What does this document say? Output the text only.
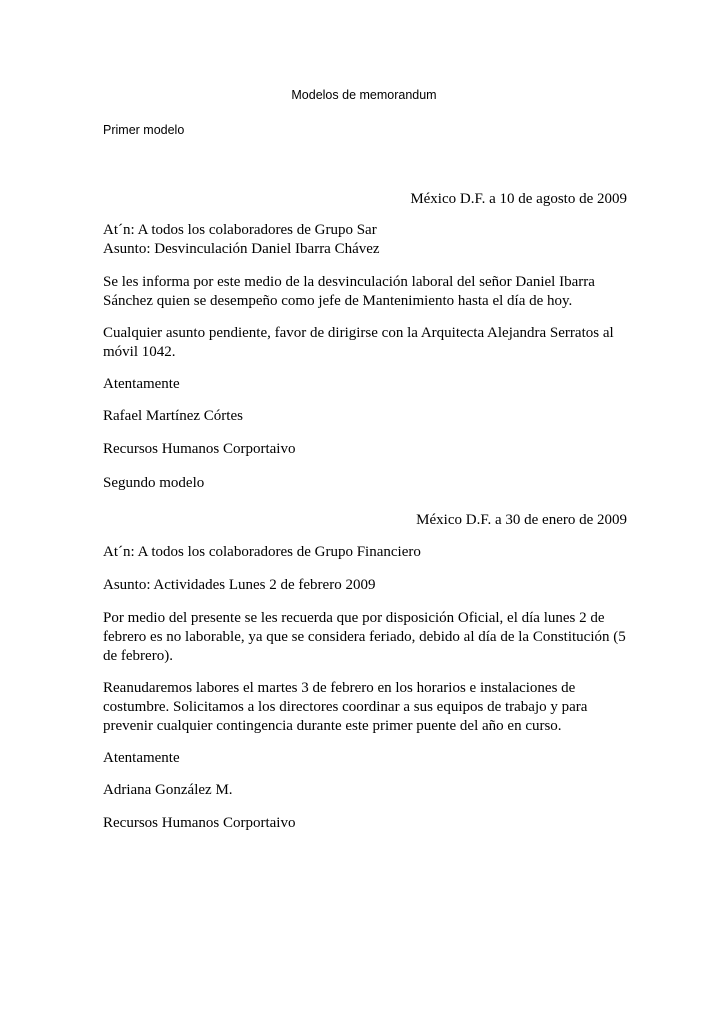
Modelos de memorandum
Primer modelo
México D.F. a 10 de agosto de 2009
At´n: A todos los colaboradores de Grupo Sar
Asunto: Desvinculación Daniel Ibarra Chávez
Se les informa por este medio de la desvinculación laboral del señor Daniel Ibarra
Sánchez quien se desempeño como jefe de Mantenimiento hasta el día de hoy.
Cualquier asunto pendiente, favor de dirigirse con la Arquitecta Alejandra Serratos al
móvil 1042.
Atentamente
Rafael Martínez Córtes
Recursos Humanos Corportaivo
Segundo modelo
México D.F. a 30 de enero de 2009
At´n: A todos los colaboradores de Grupo Financiero
Asunto: Actividades Lunes 2 de febrero 2009
Por medio del presente se les recuerda que por disposición Oficial, el día lunes 2 de
febrero es no laborable, ya que se considera feriado, debido al día de la Constitución (5
de febrero).
Reanudaremos labores el martes 3 de febrero en los horarios e instalaciones de
costumbre. Solicitamos a los directores coordinar a sus equipos de trabajo y para
prevenir cualquier contingencia durante este primer puente del año en curso.
Atentamente
Adriana González M.
Recursos Humanos Corportaivo
